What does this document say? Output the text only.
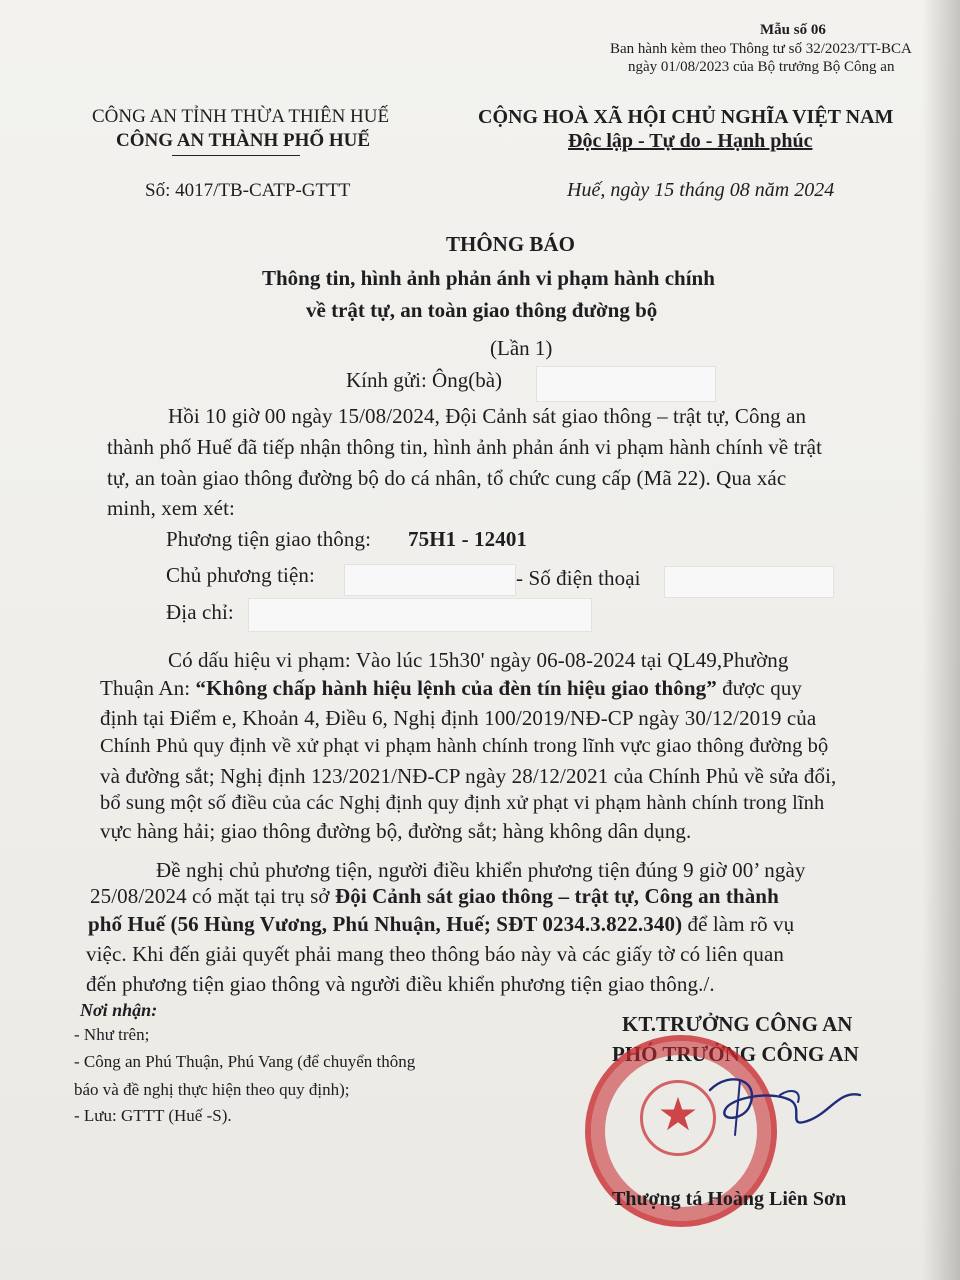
Mẫu số 06
Ban hành kèm theo Thông tư số 32/2023/TT-BCA
ngày 01/08/2023 của Bộ trưởng Bộ Công an
CÔNG AN TỈNH THỪA THIÊN HUẾ
CÔNG AN THÀNH PHỐ HUẾ
Số: 4017/TB-CATP-GTTT
CỘNG HOÀ XÃ HỘI CHỦ NGHĨA VIỆT NAM
Độc lập - Tự do - Hạnh phúc
Huế, ngày 15 tháng 08 năm 2024
THÔNG BÁO
Thông tin, hình ảnh phản ánh vi phạm hành chính
về trật tự, an toàn giao thông đường bộ
(Lần 1)
Kính gửi: Ông(bà)
Hồi 10 giờ 00 ngày 15/08/2024, Đội Cảnh sát giao thông – trật tự, Công an
thành phố Huế đã tiếp nhận thông tin, hình ảnh phản ánh vi phạm hành chính về trật
tự, an toàn giao thông đường bộ do cá nhân, tổ chức cung cấp (Mã 22). Qua xác
minh, xem xét:
Phương tiện giao thông: 75H1 - 12401
Chủ phương tiện:	- Số điện thoại
Địa chỉ:
Có dấu hiệu vi phạm: Vào lúc 15h30' ngày 06-08-2024 tại QL49,Phường
Thuận An: “Không chấp hành hiệu lệnh của đèn tín hiệu giao thông” được quy
định tại Điểm e, Khoản 4, Điều 6, Nghị định 100/2019/NĐ-CP ngày 30/12/2019 của
Chính Phủ quy định về xử phạt vi phạm hành chính trong lĩnh vực giao thông đường bộ
và đường sắt; Nghị định 123/2021/NĐ-CP ngày 28/12/2021 của Chính Phủ về sửa đổi,
bổ sung một số điều của các Nghị định quy định xử phạt vi phạm hành chính trong lĩnh
vực hàng hải; giao thông đường bộ, đường sắt; hàng không dân dụng.
Đề nghị chủ phương tiện, người điều khiển phương tiện đúng 9 giờ 00’ ngày
25/08/2024 có mặt tại trụ sở Đội Cảnh sát giao thông – trật tự, Công an thành
phố Huế (56 Hùng Vương, Phú Nhuận, Huế; SĐT 0234.3.822.340) để làm rõ vụ
việc. Khi đến giải quyết phải mang theo thông báo này và các giấy tờ có liên quan
đến phương tiện giao thông và người điều khiển phương tiện giao thông./.
Nơi nhận:
- Như trên;
- Công an Phú Thuận, Phú Vang (để chuyển thông
báo và đề nghị thực hiện theo quy định);
- Lưu: GTTT (Huế -S).
KT.TRƯỞNG CÔNG AN
PHÓ TRƯỞNG CÔNG AN
★
Thượng tá Hoàng Liên Sơn
